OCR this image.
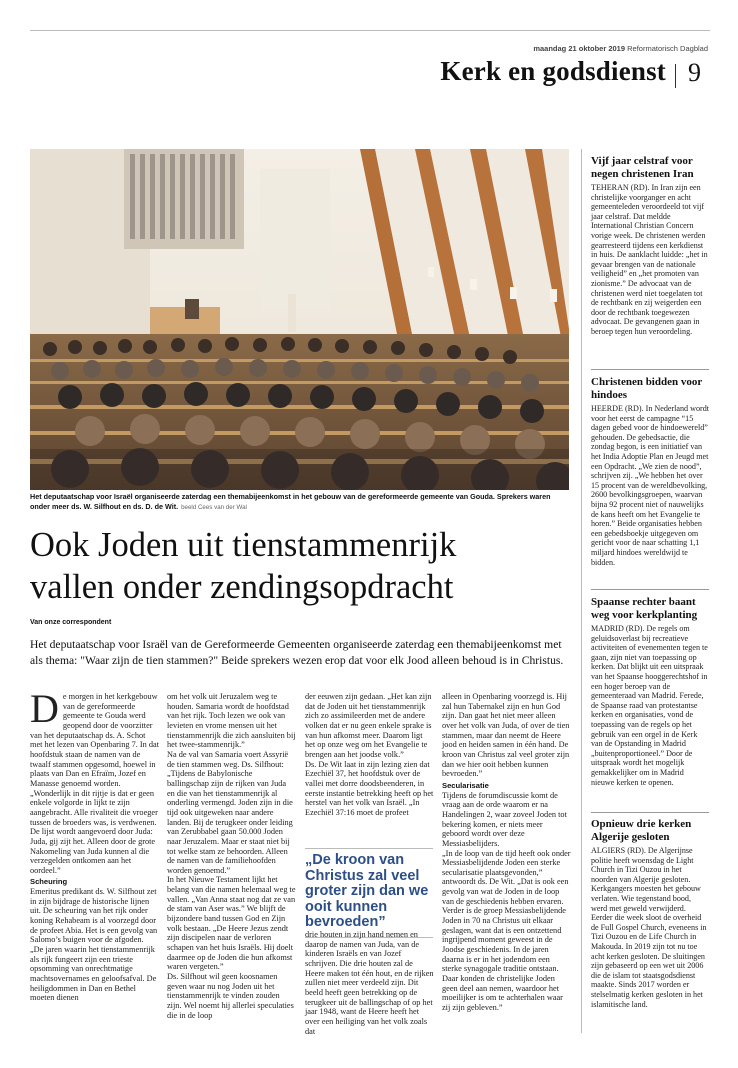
maandag 21 oktober 2019 Reformatorisch Dagblad
Kerk en godsdienst 9
Het deputaatschap voor Israël organiseerde zaterdag een themabijeenkomst in het gebouw van de gereformeerde gemeente van Gouda. Sprekers waren onder meer ds. W. Silfhout en ds. D. de Wit. beeld Cees van der Wal
Ook Joden uit tienstammenrijk
vallen onder zendingsopdracht
Van onze correspondent
Het deputaatschap voor Israël van de Gereformeerde Gemeenten organiseerde zaterdag een themabijeenkomst met als thema: "Waar zijn de tien stammen?" Beide sprekers wezen erop dat voor elk Jood alleen behoud is in Christus.

De morgen in het kerkgebouw van de gereformeerde gemeente te Gouda werd geopend door de voorzitter van het deputaatschap ds. A. Schot met het lezen van Openbaring 7. In dat hoofdstuk staan de namen van de twaalf stammen opgesomd, hoewel in plaats van Dan en Efraïm, Jozef en Manasse genoemd worden. „Wonderlijk in dit rijtje is dat er geen enkele volgorde in lijkt te zijn aangebracht. Alle rivaliteit die vroeger tussen de broeders was, is verdwenen. De lijst wordt aangevoerd door Juda: Juda, gij zijt het. Alleen door de grote Nakomeling van Juda kunnen al die verzegelden ontkomen aan het oordeel.”

Scheuring

Emeritus predikant ds. W. Silfhout zet in zijn bijdrage de historische lijnen uit. De scheuring van het rijk onder koning Rehabeam is al voorzegd door de profeet Abia. Het is een gevolg van Salomo’s buigen voor de afgoden. „De jaren waarin het tienstammenrijk als rijk fungeert zijn een trieste opsomming van onrechtmatige machtsovernames en geloofsafval. De heiligdommen in Dan en Bethel moeten dienen

om het volk uit Jeruzalem weg te houden. Samaria wordt de hoofdstad van het rijk. Toch lezen we ook van levieten en vrome mensen uit het tienstammenrijk die zich aansluiten bij het twee-stammenrijk.”

Na de val van Samaria voert Assyrië de tien stammen weg. Ds. Silfhout: „Tijdens de Babylonische ballingschap zijn de rijken van Juda en die van het tienstammenrijk al onderling vermengd. Joden zijn in die tijd ook uitgeweken naar andere landen. Bij de terugkeer onder leiding van Zerubbabel gaan 50.000 Joden naar Jeruzalem. Maar er staat niet bij tot welke stam ze behoorden. Alleen de namen van de familiehoofden worden genoemd.”

In het Nieuwe Testament lijkt het belang van die namen helemaal weg te vallen. „Van Anna staat nog dat ze van de stam van Aser was.” We blijft de bijzondere band tussen God en Zijn volk bestaan. „De Heere Jezus zendt zijn discipelen naar de verloren schapen van het huis Israëls. Hij doelt daarmee op de Joden die hun afkomst waren vergeten.”

Ds. Silfhout wil geen koosnamen geven waar nu nog Joden uit het tienstammenrijk te vinden zouden zijn. Wel noemt hij allerlei speculaties die in de loop

der eeuwen zijn gedaan. „Het kan zijn dat de Joden uit het tienstammenrijk zich zo assimileerden met de andere volken dat er nu geen enkele sprake is van hun afkomst meer. Daarom ligt het op onze weg om het Evangelie te brengen aan het joodse volk.”

Ds. De Wit laat in zijn lezing zien dat Ezechiël 37, het hoofdstuk over de vallei met dorre doodsbeenderen, in eerste instantie betrekking heeft op het herstel van het volk van Israël. „In Ezechiël 37:16 moet de profeet

„De kroon van Christus zal veel groter zijn dan we ooit kunnen bevroeden”

drie houten in zijn hand nemen en daarop de namen van Juda, van de kinderen Israëls en van Jozef schrijven. Die drie houten zal de Heere maken tot één hout, en de rijken zullen niet meer verdeeld zijn. Dit beeld heeft geen betrekking op de terugkeer uit de ballingschap of op het jaar 1948, want de Heere heeft het over een heiliging van het volk zoals dat

alleen in Openbaring voorzegd is. Hij zal hun Tabernakel zijn en hun God zijn. Dan gaat het niet meer alleen over het volk van Juda, of over de tien stammen, maar dan neemt de Heere jood en heiden samen in één hand. De kroon van Christus zal veel groter zijn dan we hier ooit hebben kunnen bevroeden.”

Secularisatie

Tijdens de forumdiscussie komt de vraag aan de orde waarom er na Handelingen 2, waar zoveel Joden tot bekering komen, er niets meer geboord wordt over deze Messiasbelijders.

„In de loop van de tijd heeft ook onder Messiasbelijdende Joden een sterke secularisatie plaatsgevonden,” antwoordt ds. De Wit. „Dat is ook een gevolg van wat de Joden in de loop van de geschiedenis hebben ervaren. Verder is de groep Messiasbelijdende Joden in 70 na Christus uit elkaar geslagen, want dat is een ontzettend ingrijpend moment geweest in de Joodse geschiedenis. In de jaren daarna is er in het jodendom een sterke synagogale traditie ontstaan. Daar konden de christelijke Joden geen deel aan nemen, waardoor het moeilijker is om te achterhalen waar zij zijn gebleven.”

Vijf jaar celstraf voor negen christenen Iran
TEHERAN (RD). In Iran zijn een christelijke voorganger en acht gemeenteleden veroordeeld tot vijf jaar celstraf. Dat meldde International Christian Concern vorige week. De christenen werden gearresteerd tijdens een kerkdienst in huis. De aanklacht luidde: „het in gevaar brengen van de nationale veiligheid” en „het promoten van zionisme.” De advocaat van de christenen werd niet toegelaten tot de rechtbank en zij weigerden een door de rechtbank toegewezen advocaat. De gevangenen gaan in beroep tegen hun veroordeling.
Christenen bidden voor hindoes
HEERDE (RD). In Nederland wordt voor het eerst de campagne “15 dagen gebed voor de hindoewereld” gehouden. De gebedsactie, die zondag begon, is een initiatief van het India Adoptie Plan en Jeugd met een Opdracht. „We zien de nood”, schrijven zij. „We hebben het over 15 procent van de wereldbevolking, 2600 bevolkingsgroepen, waarvan bijna 92 procent niet of nauwelijks de kans heeft om het Evangelie te horen.” Beide organisaties hebben een gebedsboekje uitgegeven om gericht voor de naar schatting 1,1 miljard hindoes wereldwijd te bidden.
Spaanse rechter baant weg voor kerkplanting
MADRID (RD). De regels om geluidsoverlast bij recreatieve activiteiten of evenementen tegen te gaan, zijn niet van toepassing op kerken. Dat blijkt uit een uitspraak van het Spaanse hooggerechtshof in een hoger beroep van de gemeenteraad van Madrid. Ferede, de Spaanse raad van protestantse kerken en organisaties, vond de toepassing van de regels op het gebruik van een orgel in de Kerk van de Opstanding in Madrid „buitenproportioneel.” Door de uitspraak wordt het mogelijk gemakkelijker om in Madrid nieuwe kerken te openen.
Opnieuw drie kerken Algerije gesloten
ALGIERS (RD). De Algerijnse politie heeft woensdag de Light Church in Tizi Ouzou in het noorden van Algerije gesloten. Kerkgangers moesten het gebouw verlaten. Wie tegenstand bood, werd met geweld verwijderd. Eerder die week sloot de overheid de Full Gospel Church, eveneens in Tizi Ouzou en de Life Church in Makouda. In 2019 zijn tot nu toe acht kerken gesloten. De sluitingen zijn gebaseerd op een wet uit 2006 die de islam tot staatsgodsdienst maakte. Sinds 2017 worden er stelselmatig kerken gesloten in het islamitische land.
